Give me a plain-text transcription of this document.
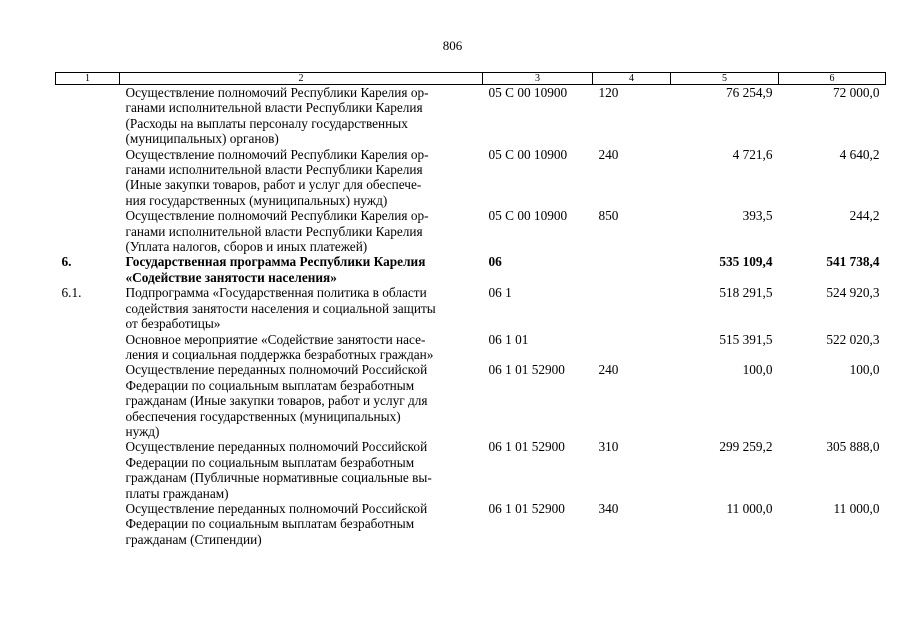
806
1	2	3	4	5	6

	Осуществление полномочий Республики Карелия ор-
ганами исполнительной власти Республики Карелия
(Расходы на выплаты персоналу государственных
(муниципальных) органов)	05 С 00 10900	120	76 254,9	72 000,0

	Осуществление полномочий Республики Карелия ор-
ганами исполнительной власти Республики Карелия
(Иные закупки товаров, работ и услуг для обеспече-
ния государственных (муниципальных) нужд)	05 С 00 10900	240	4 721,6	4 640,2

	Осуществление полномочий Республики Карелия ор-
ганами исполнительной власти Республики Карелия
(Уплата налогов, сборов и иных платежей)	05 С 00 10900	850	393,5	244,2
6.	Государственная программа Республики Карелия
«Содействие занятости населения»	06		535 109,4	541 738,4
6.1.	Подпрограмма «Государственная политика в области
содействия занятости населения и социальной защиты
от безработицы»	06 1		518 291,5	524 920,3

	Основное мероприятие «Содействие занятости насе-
ления и социальная поддержка безработных граждан»	06 1 01		515 391,5	522 020,3

	Осуществление переданных полномочий Российской
Федерации по социальным выплатам безработным
гражданам (Иные закупки товаров, работ и услуг для
обеспечения государственных (муниципальных)
нужд)	06 1 01 52900	240	100,0	100,0

	Осуществление переданных полномочий Российской
Федерации по социальным выплатам безработным
гражданам (Публичные нормативные социальные вы-
платы гражданам)	06 1 01 52900	310	299 259,2	305 888,0

	Осуществление переданных полномочий Российской
Федерации по социальным выплатам безработным
гражданам (Стипендии)	06 1 01 52900	340	11 000,0	11 000,0
